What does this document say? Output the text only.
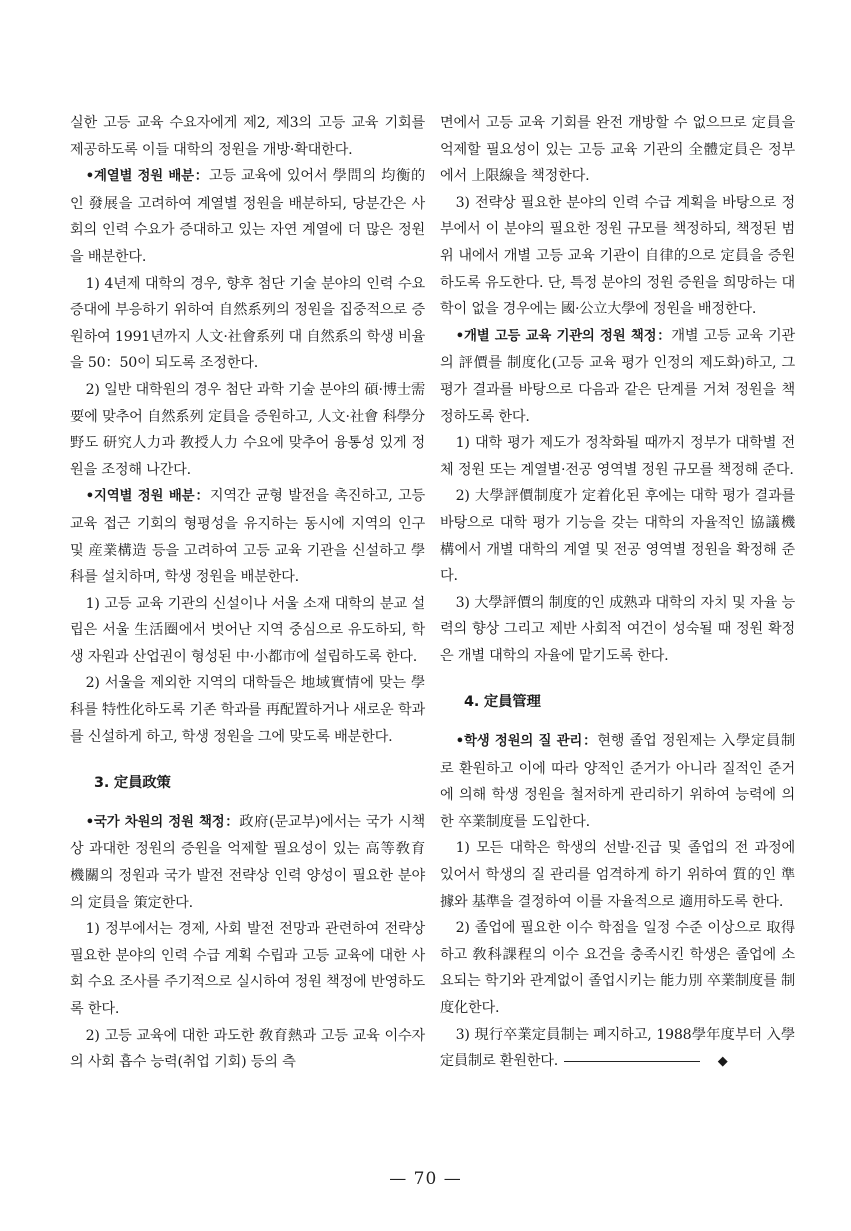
실한 고등 교육 수요자에게 제2, 제3의 고등 교육 기회를 제공하도록 이들 대학의 정원을 개방·확대한다.

•계열별 정원 배분：고등 교육에 있어서 學問의 均衡的인 發展을 고려하여 계열별 정원을 배분하되, 당분간은 사회의 인력 수요가 증대하고 있는 자연 계열에 더 많은 정원을 배분한다.

1) 4년제 대학의 경우, 향후 첨단 기술 분야의 인력 수요 증대에 부응하기 위하여 自然系列의 정원을 집중적으로 증원하여 1991년까지 人文·社會系列 대 自然系의 학생 비율을 50：50이 되도록 조정한다.

2) 일반 대학원의 경우 첨단 과학 기술 분야의 碩·博士需要에 맞추어 自然系列 定員을 증원하고, 人文·社會 科學分野도 研究人力과 教授人力 수요에 맞추어 융통성 있게 정원을 조정해 나간다.

•지역별 정원 배분：지역간 균형 발전을 촉진하고, 고등 교육 접근 기회의 형평성을 유지하는 동시에 지역의 인구 및 産業構造 등을 고려하여 고등 교육 기관을 신설하고 學科를 설치하며, 학생 정원을 배분한다.

1) 고등 교육 기관의 신설이나 서울 소재 대학의 분교 설립은 서울 生活圈에서 벗어난 지역 중심으로 유도하되, 학생 자원과 산업권이 형성된 中·小都市에 설립하도록 한다.

2) 서울을 제외한 지역의 대학들은 地域實情에 맞는 學科를 特性化하도록 기존 학과를 再配置하거나 새로운 학과를 신설하게 하고, 학생 정원을 그에 맞도록 배분한다.

3. 定員政策

•국가 차원의 정원 책정：政府(문교부)에서는 국가 시책상 과대한 정원의 증원을 억제할 필요성이 있는 高等敎育機關의 정원과 국가 발전 전략상 인력 양성이 필요한 분야의 定員을 策定한다.

1) 정부에서는 경제, 사회 발전 전망과 관련하여 전략상 필요한 분야의 인력 수급 계획 수립과 고등 교육에 대한 사회 수요 조사를 주기적으로 실시하여 정원 책정에 반영하도록 한다.

2) 고등 교육에 대한 과도한 敎育熱과 고등 교육 이수자의 사회 흡수 능력(취업 기회) 등의 측

면에서 고등 교육 기회를 완전 개방할 수 없으므로 定員을 억제할 필요성이 있는 고등 교육 기관의 全體定員은 정부에서 上限線을 책정한다.

3) 전략상 필요한 분야의 인력 수급 계획을 바탕으로 정부에서 이 분야의 필요한 정원 규모를 책정하되, 책정된 범위 내에서 개별 고등 교육 기관이 自律的으로 定員을 증원하도록 유도한다. 단, 특정 분야의 정원 증원을 희망하는 대학이 없을 경우에는 國·公立大學에 정원을 배정한다.

•개별 고등 교육 기관의 정원 책정：개별 고등 교육 기관의 評價를 制度化(고등 교육 평가 인정의 제도화)하고, 그 평가 결과를 바탕으로 다음과 같은 단계를 거쳐 정원을 책정하도록 한다.

1) 대학 평가 제도가 정착화될 때까지 정부가 대학별 전체 정원 또는 계열별·전공 영역별 정원 규모를 책정해 준다.

2) 大學評價制度가 定着化된 후에는 대학 평가 결과를 바탕으로 대학 평가 기능을 갖는 대학의 자율적인 協議機構에서 개별 대학의 계열 및 전공 영역별 정원을 확정해 준다.

3) 大學評價의 制度的인 成熟과 대학의 자치 및 자율 능력의 향상 그리고 제반 사회적 여건이 성숙될 때 정원 확정은 개별 대학의 자율에 맡기도록 한다.

4. 定員管理

•학생 정원의 질 관리：현행 졸업 정원제는 入學定員制로 환원하고 이에 따라 양적인 준거가 아니라 질적인 준거에 의해 학생 정원을 철저하게 관리하기 위하여 능력에 의한 卒業制度를 도입한다.

1) 모든 대학은 학생의 선발·진급 및 졸업의 전 과정에 있어서 학생의 질 관리를 엄격하게 하기 위하여 質的인 準據와 基準을 결정하여 이를 자율적으로 適用하도록 한다.

2) 졸업에 필요한 이수 학점을 일정 수준 이상으로 取得하고 敎科課程의 이수 요건을 충족시킨 학생은 졸업에 소요되는 학기와 관계없이 졸업시키는 能力別 卒業制度를 制度化한다.

3) 現行卒業定員制는 폐지하고, 1988學年度부터 入學定員制로 환원한다.	◆

— 70 —
